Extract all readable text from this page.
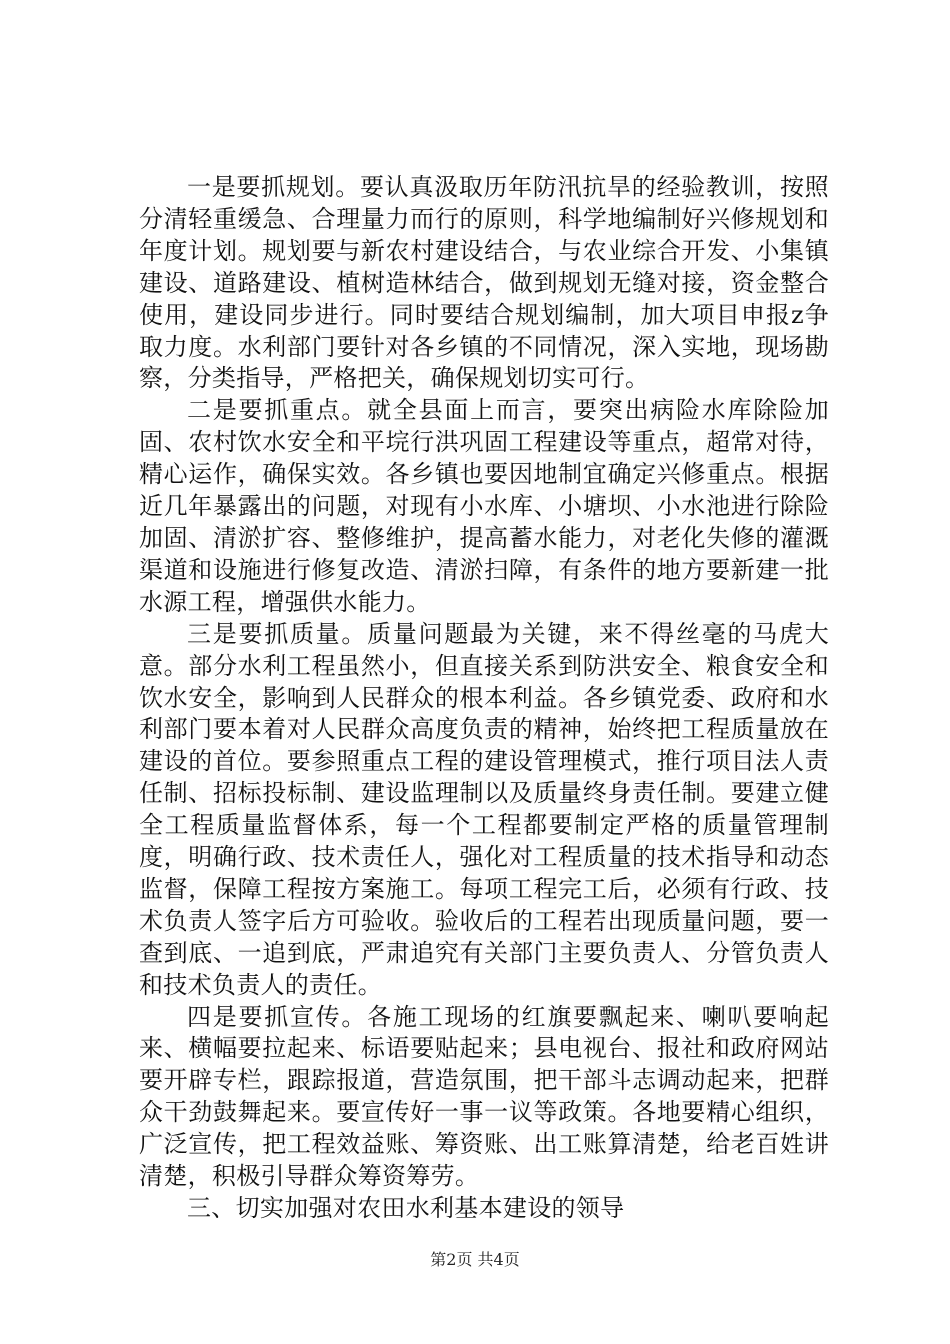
一是要抓规划。要认真汲取历年防汛抗旱的经验教训，按照分清轻重缓急、合理量力而行的原则，科学地编制好兴修规划和年度计划。规划要与新农村建设结合，与农业综合开发、小集镇建设、道路建设、植树造林结合，做到规划无缝对接，资金整合使用，建设同步进行。同时要结合规划编制，加大项目申报z争取力度。水利部门要针对各乡镇的不同情况，深入实地，现场勘察，分类指导，严格把关，确保规划切实可行。

二是要抓重点。就全县面上而言，要突出病险水库除险加固、农村饮水安全和平垸行洪巩固工程建设等重点，超常对待，精心运作，确保实效。各乡镇也要因地制宜确定兴修重点。根据近几年暴露出的问题，对现有小水库、小塘坝、小水池进行除险加固、清淤扩容、整修维护，提高蓄水能力，对老化失修的灌溉渠道和设施进行修复改造、清淤扫障，有条件的地方要新建一批水源工程，增强供水能力。

三是要抓质量。质量问题最为关键，来不得丝毫的马虎大意。部分水利工程虽然小，但直接关系到防洪安全、粮食安全和饮水安全，影响到人民群众的根本利益。各乡镇党委、政府和水利部门要本着对人民群众高度负责的精神，始终把工程质量放在建设的首位。要参照重点工程的建设管理模式，推行项目法人责任制、招标投标制、建设监理制以及质量终身责任制。要建立健全工程质量监督体系，每一个工程都要制定严格的质量管理制度，明确行政、技术责任人，强化对工程质量的技术指导和动态监督，保障工程按方案施工。每项工程完工后，必须有行政、技术负责人签字后方可验收。验收后的工程若出现质量问题，要一查到底、一追到底，严肃追究有关部门主要负责人、分管负责人和技术负责人的责任。

四是要抓宣传。各施工现场的红旗要飘起来、喇叭要响起来、横幅要拉起来、标语要贴起来；县电视台、报社和政府网站要开辟专栏，跟踪报道，营造氛围，把干部斗志调动起来，把群众干劲鼓舞起来。要宣传好一事一议等政策。各地要精心组织，广泛宣传，把工程效益账、筹资账、出工账算清楚，给老百姓讲清楚，积极引导群众筹资筹劳。

三、切实加强对农田水利基本建设的领导

第2页 共4页
